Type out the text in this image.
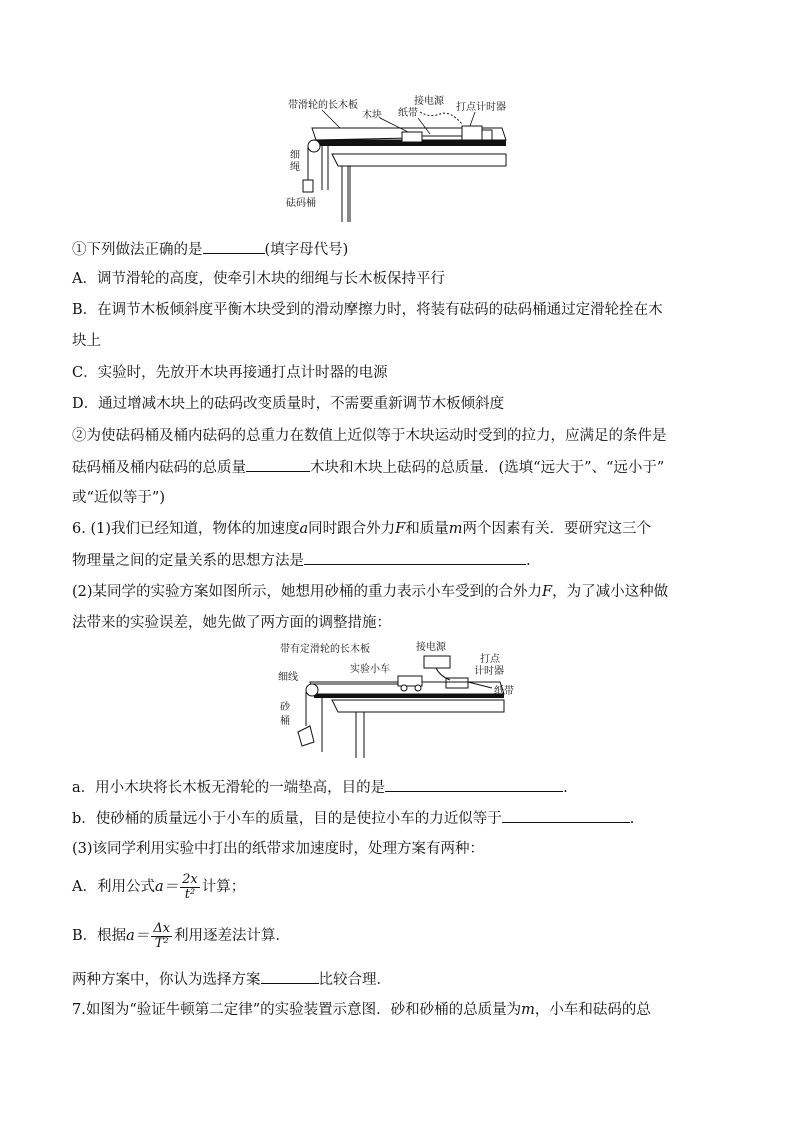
带滑轮的长木板
木块 纸带
接电源
打点计时器
细绳
砝码桶
①下列做法正确的是	(填字母代号)
A．调节滑轮的高度，使牵引木块的细绳与长木板保持平行
B．在调节木板倾斜度平衡木块受到的滑动摩擦力时，将装有砝码的砝码桶通过定滑轮拴在木
块上
C．实验时，先放开木块再接通打点计时器的电源
D．通过增减木块上的砝码改变质量时，不需要重新调节木板倾斜度
②为使砝码桶及桶内砝码的总重力在数值上近似等于木块运动时受到的拉力，应满足的条件是
砝码桶及桶内砝码的总质量	木块和木块上砝码的总质量．(选填“远大于”、“远小于”
或“近似等于”)
6. (1)我们已经知道，物体的加速度a同时跟合外力F和质量m两个因素有关．要研究这三个
物理量之间的定量关系的思想方法是	.
(2)某同学的实验方案如图所示，她想用砂桶的重力表示小车受到的合外力F，为了减小这种做
法带来的实验误差，她先做了两方面的调整措施：
带有定滑轮的长木板	接电源
打点
计时器
实验小车
细线
砂
桶
纸带
a．用小木块将长木板无滑轮的一端垫高，目的是	.
b．使砂桶的质量远小于小车的质量，目的是使拉小车的力近似等于	.
(3)该同学利用实验中打出的纸带求加速度时，处理方案有两种：
A．利用公式$a= \frac{2x}{\text{t²}}$ 计算；
B．根据$a= \frac{\Delta x}{\text{T²}}$ 利用逐差法计算．
两种方案中，你认为选择方案	比较合理．
7.如图为“验证牛顿第二定律”的实验装置示意图．砂和砂桶的总质量为m，小车和砝码的总
